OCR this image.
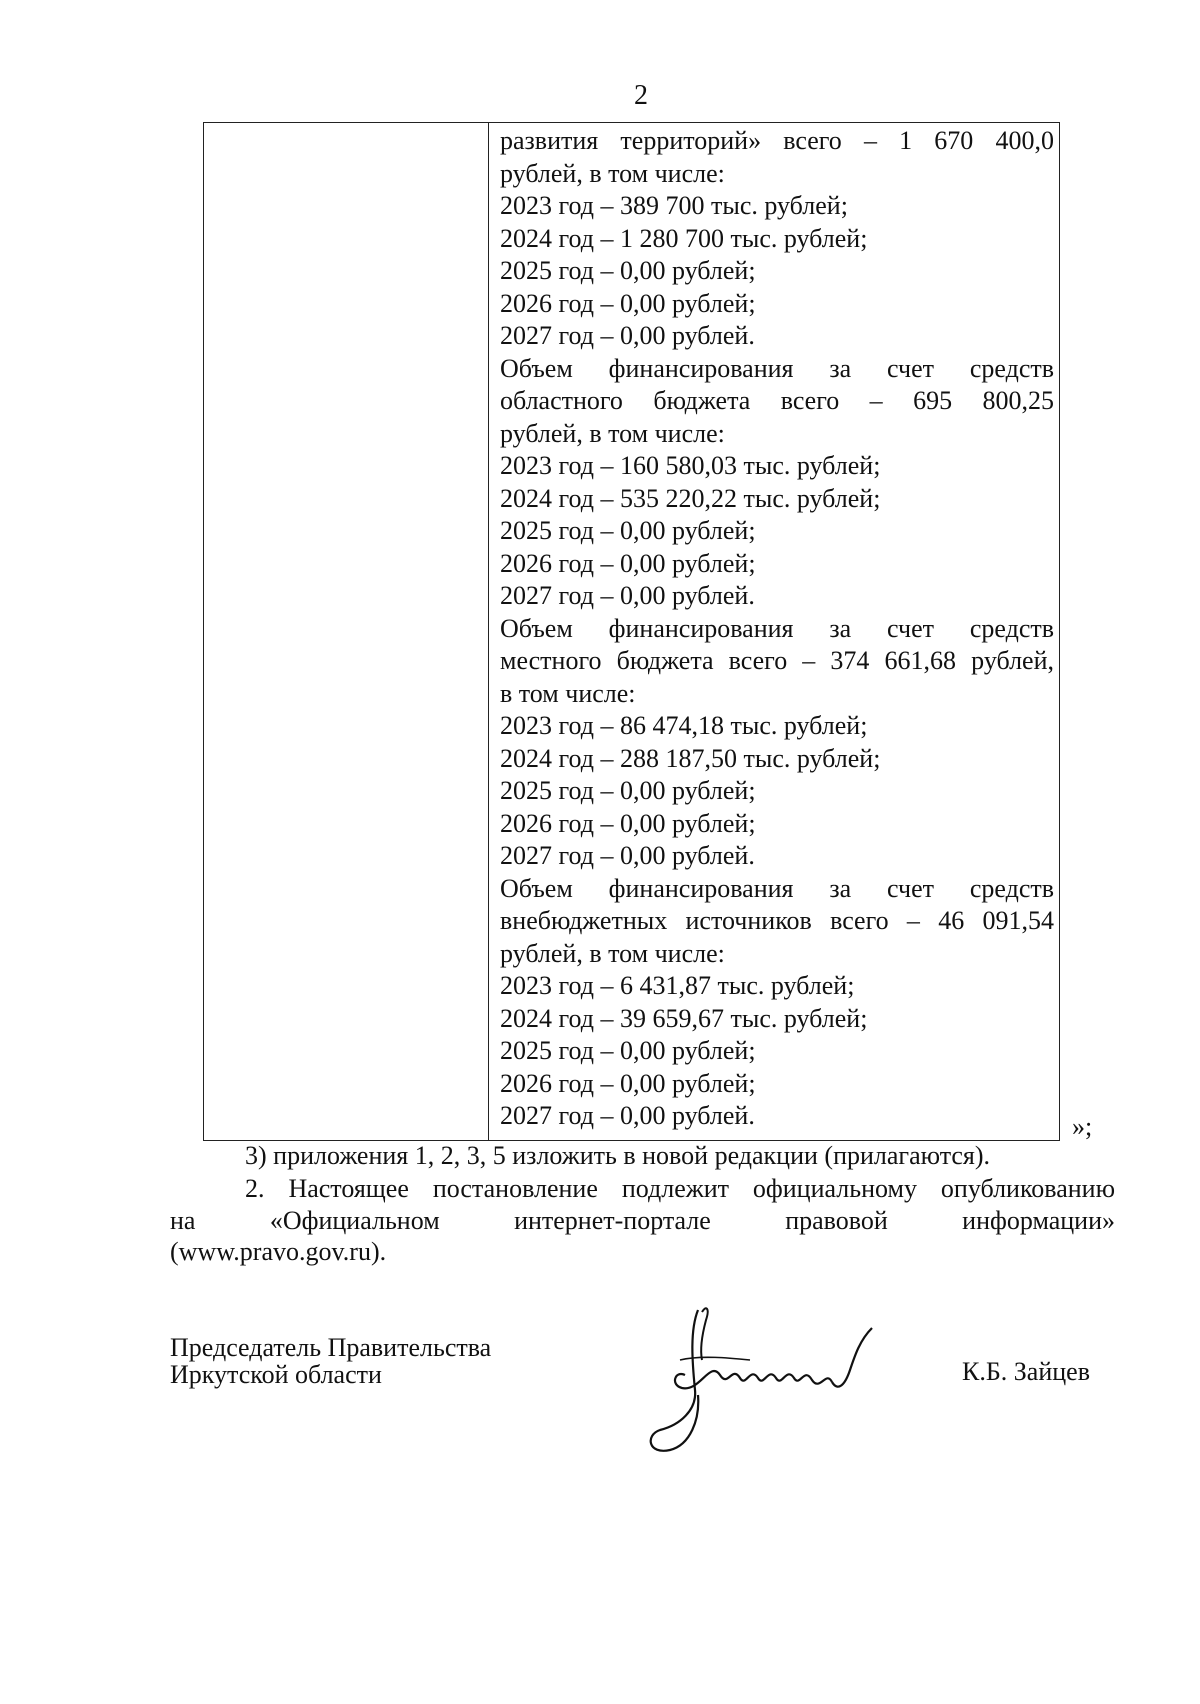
2
развития территорий» всего – 1 670 400,0
рублей, в том числе:
2023 год – 389 700 тыс. рублей;
2024 год – 1 280 700 тыс. рублей;
2025 год – 0,00 рублей;
2026 год – 0,00 рублей;
2027 год – 0,00 рублей.
Объем финансирования за счет средств
областного бюджета всего – 695 800,25
рублей, в том числе:
2023 год – 160 580,03 тыс. рублей;
2024 год – 535 220,22 тыс. рублей;
2025 год – 0,00 рублей;
2026 год – 0,00 рублей;
2027 год – 0,00 рублей.
Объем финансирования за счет средств
местного бюджета всего – 374 661,68 рублей,
в том числе:
2023 год – 86 474,18 тыс. рублей;
2024 год – 288 187,50 тыс. рублей;
2025 год – 0,00 рублей;
2026 год – 0,00 рублей;
2027 год – 0,00 рублей.
Объем финансирования за счет средств
внебюджетных источников всего – 46 091,54
рублей, в том числе:
2023 год – 6 431,87 тыс. рублей;
2024 год – 39 659,67 тыс. рублей;
2025 год – 0,00 рублей;
2026 год – 0,00 рублей;
2027 год – 0,00 рублей.	»;
3) приложения 1, 2, 3, 5 изложить в новой редакции (прилагаются).
2. Настоящее постановление подлежит официальному опубликованию
на «Официальном интернет-портале правовой информации»
(www.pravo.gov.ru).
Председатель Правительства
Иркутской области	К.Б. Зайцев
